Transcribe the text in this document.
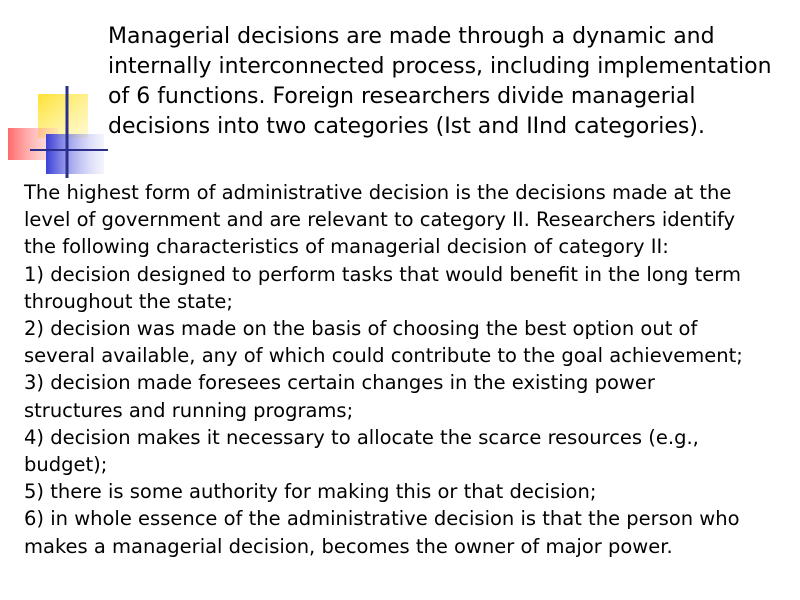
Managerial decisions are made through a dynamic and
internally interconnected process, including implementation
of 6 functions. Foreign researchers divide managerial
decisions into two categories (Ist and IInd categories).
The highest form of administrative decision is the decisions made at the
level of government and are relevant to category II. Researchers identify
the following characteristics of managerial decision of category II:
1) decision designed to perform tasks that would benefit in the long term
throughout the state;
2) decision was made on the basis of choosing the best option out of
several available, any of which could contribute to the goal achievement;
3) decision made foresees certain changes in the existing power
structures and running programs;
4) decision makes it necessary to allocate the scarce resources (e.g.,
budget);
5) there is some authority for making this or that decision;
6) in whole essence of the administrative decision is that the person who
makes a managerial decision, becomes the owner of major power.
